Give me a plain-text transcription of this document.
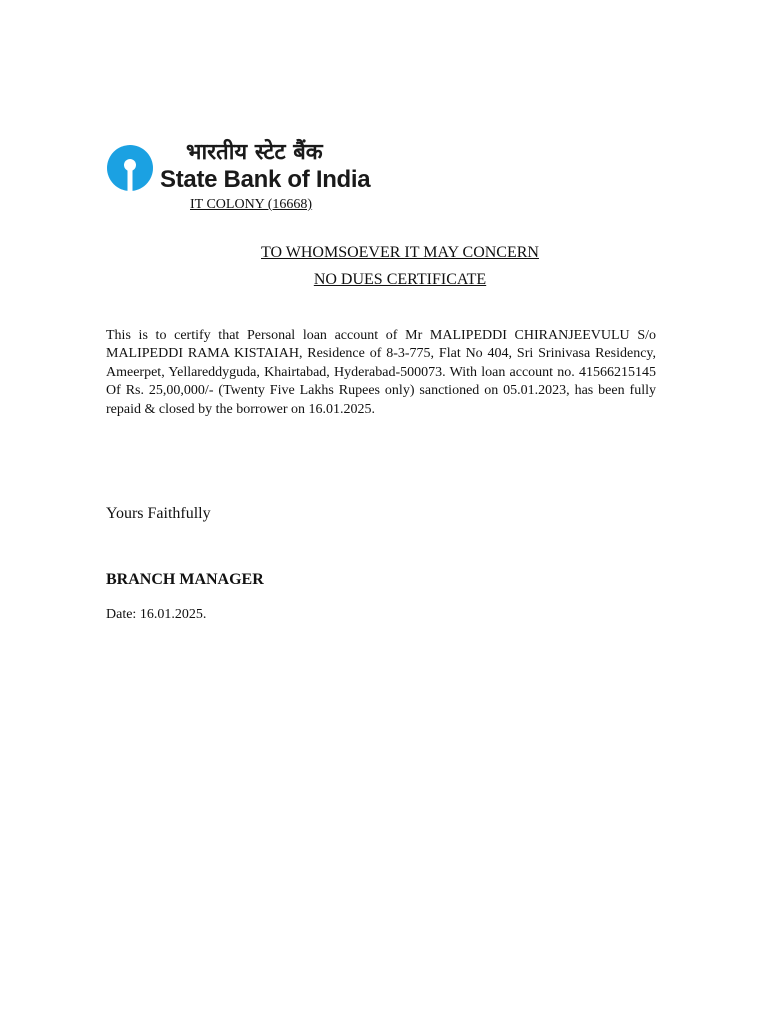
भारतीय स्टेट बैंक
State Bank of India
IT COLONY (16668)
TO WHOMSOEVER IT MAY CONCERN
NO DUES CERTIFICATE
This is to certify that Personal loan account of Mr MALIPEDDI CHIRANJEEVULU S/o MALIPEDDI RAMA KISTAIAH, Residence of 8-3-775, Flat No 404, Sri Srinivasa Residency, Ameerpet, Yellareddyguda, Khairtabad, Hyderabad-500073. With loan account no. 41566215145 Of Rs. 25,00,000/- (Twenty Five Lakhs Rupees only) sanctioned on 05.01.2023, has been fully repaid & closed by the borrower on 16.01.2025.
Yours Faithfully
BRANCH MANAGER
Date: 16.01.2025.
